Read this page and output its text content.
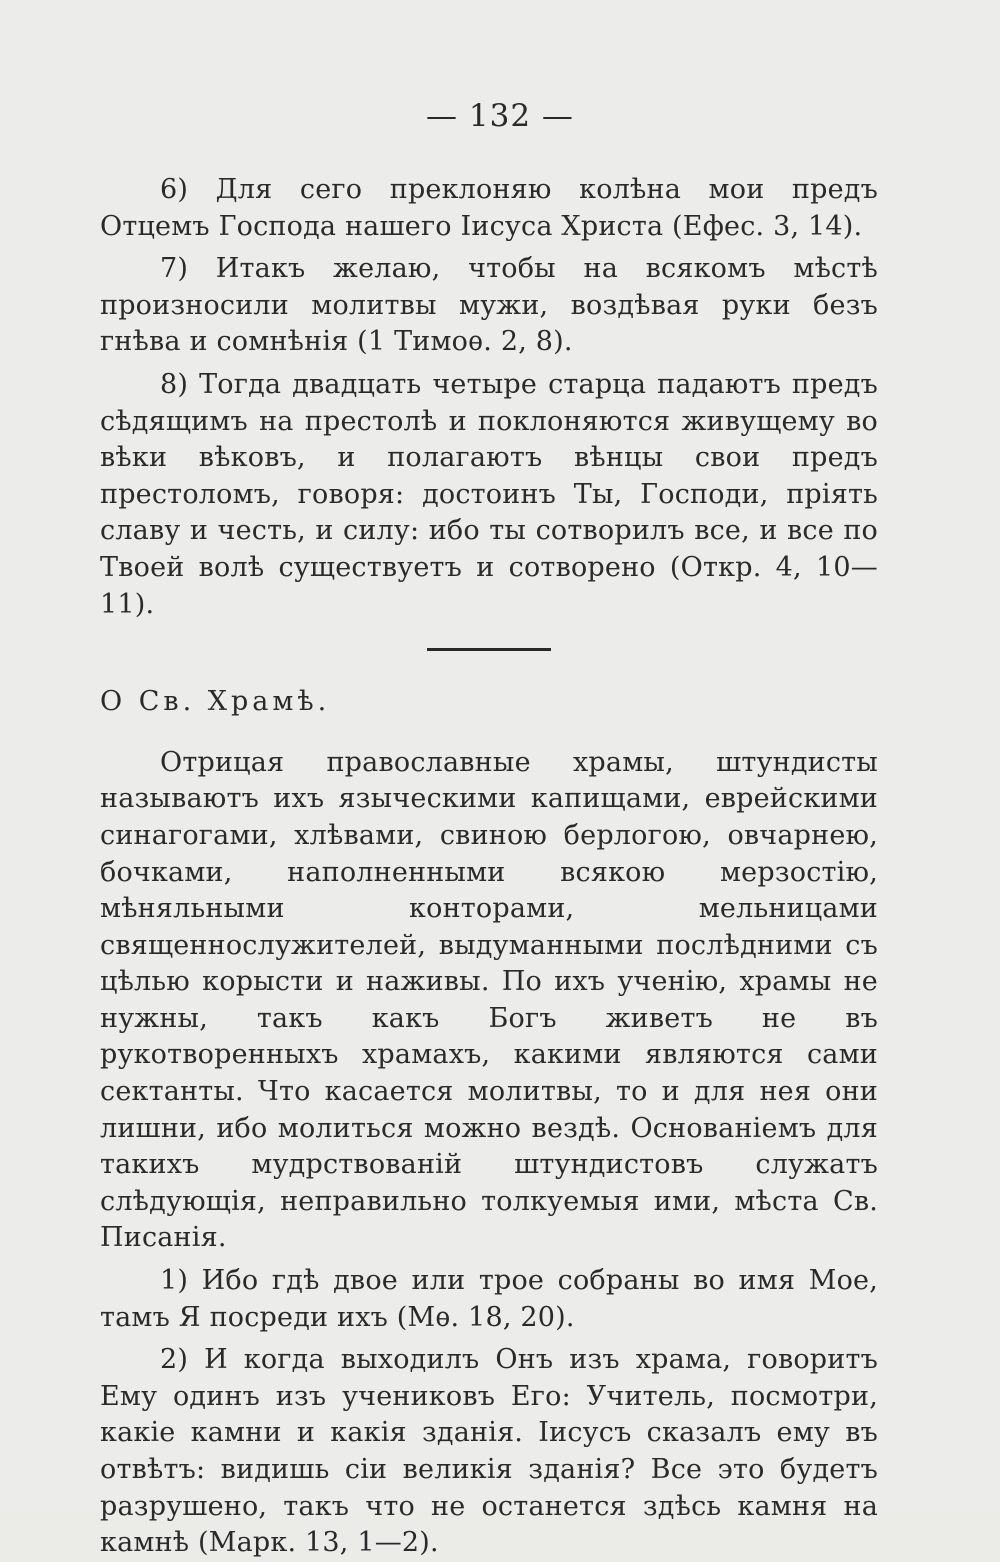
— 132 —

6) Для сего преклоняю колѣна мои предъ Отцемъ Господа нашего Іисуса Христа (Ефес. 3, 14).

7) Итакъ желаю, чтобы на всякомъ мѣстѣ произносили молитвы мужи, воздѣвая руки безъ гнѣва и сомнѣнія (1 Тимоѳ. 2, 8).

8) Тогда двадцать четыре старца падаютъ предъ сѣдящимъ на престолѣ и поклоняются живущему во вѣки вѣковъ, и полагаютъ вѣнцы свои предъ престоломъ, говоря: достоинъ Ты, Господи, пріять славу и честь, и силу: ибо ты сотворилъ все, и все по Твоей волѣ существуетъ и сотворено (Откр. 4, 10—11).

О Св. Храмѣ.

Отрицая православные храмы, штундисты называютъ ихъ языческими капищами, еврейскими синагогами, хлѣвами, свиною берлогою, овчарнею, бочками, наполненными всякою мерзостію, мѣняльными конторами, мельницами священнослужителей, выдуманными послѣдними съ цѣлью корысти и наживы. По ихъ ученію, храмы не нужны, такъ какъ Богъ живетъ не въ рукотворенныхъ храмахъ, какими являются сами сектанты. Что касается молитвы, то и для нея они лишни, ибо молиться можно вездѣ. Основаніемъ для такихъ мудрствованій штундистовъ служатъ слѣдующія, неправильно толкуемыя ими, мѣста Св. Писанія.

1) Ибо гдѣ двое или трое собраны во имя Мое, тамъ Я посреди ихъ (Мѳ. 18, 20).

2) И когда выходилъ Онъ изъ храма, говоритъ Ему одинъ изъ учениковъ Его: Учитель, посмотри, какіе камни и какія зданія. Іисусъ сказалъ ему въ отвѣтъ: видишь сіи великія зданія? Все это будетъ разрушено, такъ что не останется здѣсь камня на камнѣ (Марк. 13, 1—2).
